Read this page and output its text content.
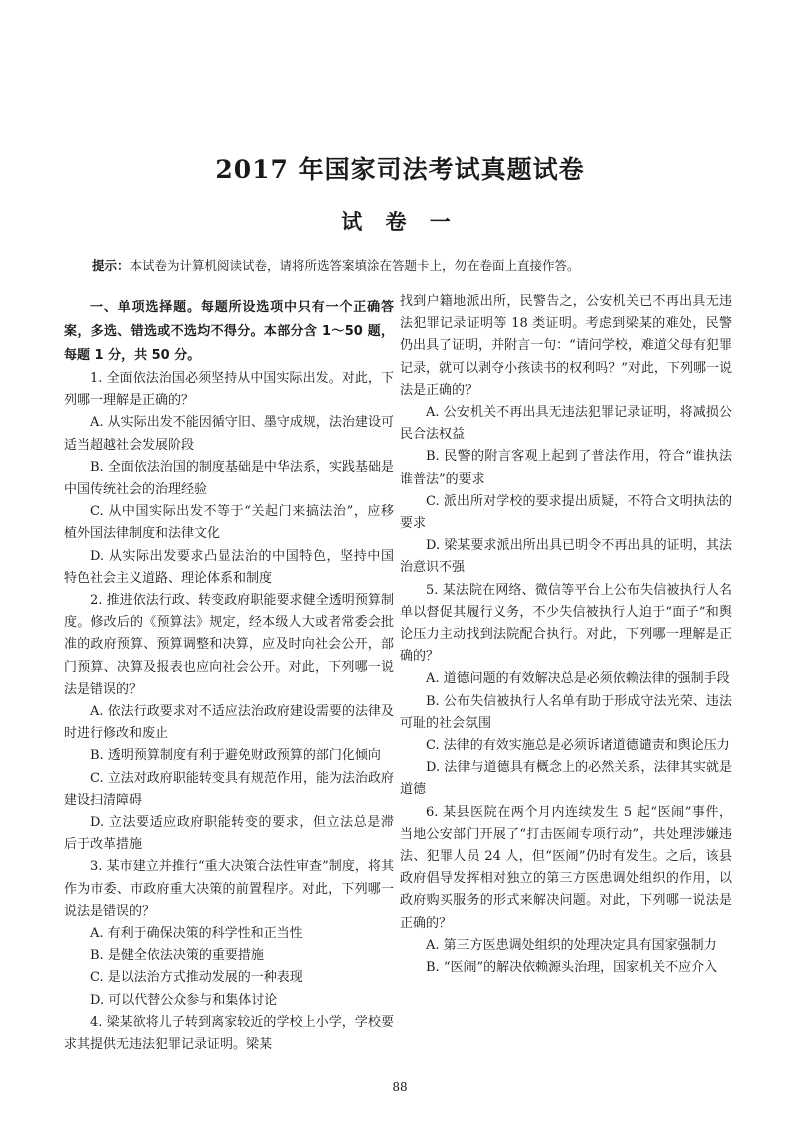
2017 年国家司法考试真题试卷
试 卷 一
提示：本试卷为计算机阅读试卷，请将所选答案填涂在答题卡上，勿在卷面上直接作答。

一、单项选择题。每题所设选项中只有一个正确答案，多选、错选或不选均不得分。本部分含 1～50 题，每题 1 分，共 50 分。

1. 全面依法治国必须坚持从中国实际出发。对此，下列哪一理解是正确的？

A. 从实际出发不能因循守旧、墨守成规，法治建设可适当超越社会发展阶段

B. 全面依法治国的制度基础是中华法系，实践基础是中国传统社会的治理经验

C. 从中国实际出发不等于“关起门来搞法治”，应移植外国法律制度和法律文化

D. 从实际出发要求凸显法治的中国特色，坚持中国特色社会主义道路、理论体系和制度

2. 推进依法行政、转变政府职能要求健全透明预算制度。修改后的《预算法》规定，经本级人大或者常委会批准的政府预算、预算调整和决算，应及时向社会公开，部门预算、决算及报表也应向社会公开。对此，下列哪一说法是错误的？

A. 依法行政要求对不适应法治政府建设需要的法律及时进行修改和废止

B. 透明预算制度有利于避免财政预算的部门化倾向

C. 立法对政府职能转变具有规范作用，能为法治政府建设扫清障碍

D. 立法要适应政府职能转变的要求，但立法总是滞后于改革措施

3. 某市建立并推行“重大决策合法性审查”制度，将其作为市委、市政府重大决策的前置程序。对此，下列哪一说法是错误的？

A. 有利于确保决策的科学性和正当性

B. 是健全依法决策的重要措施

C. 是以法治方式推动发展的一种表现

D. 可以代替公众参与和集体讨论

4. 梁某欲将儿子转到离家较近的学校上小学，学校要求其提供无违法犯罪记录证明。梁某

找到户籍地派出所，民警告之，公安机关已不再出具无违法犯罪记录证明等 18 类证明。考虑到梁某的难处，民警仍出具了证明，并附言一句：“请问学校，难道父母有犯罪记录，就可以剥夺小孩读书的权利吗？”对此，下列哪一说法是正确的？

A. 公安机关不再出具无违法犯罪记录证明，将减损公民合法权益

B. 民警的附言客观上起到了普法作用，符合“谁执法谁普法”的要求

C. 派出所对学校的要求提出质疑，不符合文明执法的要求

D. 梁某要求派出所出具已明令不再出具的证明，其法治意识不强

5. 某法院在网络、微信等平台上公布失信被执行人名单以督促其履行义务，不少失信被执行人迫于“面子”和舆论压力主动找到法院配合执行。对此，下列哪一理解是正确的？

A. 道德问题的有效解决总是必须依赖法律的强制手段

B. 公布失信被执行人名单有助于形成守法光荣、违法可耻的社会氛围

C. 法律的有效实施总是必须诉诸道德谴责和舆论压力

D. 法律与道德具有概念上的必然关系，法律其实就是道德

6. 某县医院在两个月内连续发生 5 起“医闹”事件，当地公安部门开展了“打击医闹专项行动”，共处理涉嫌违法、犯罪人员 24 人，但“医闹”仍时有发生。之后，该县政府倡导发挥相对独立的第三方医患调处组织的作用，以政府购买服务的形式来解决问题。对此，下列哪一说法是正确的？

A. 第三方医患调处组织的处理决定具有国家强制力

B. “医闹”的解决依赖源头治理，国家机关不应介入

88
